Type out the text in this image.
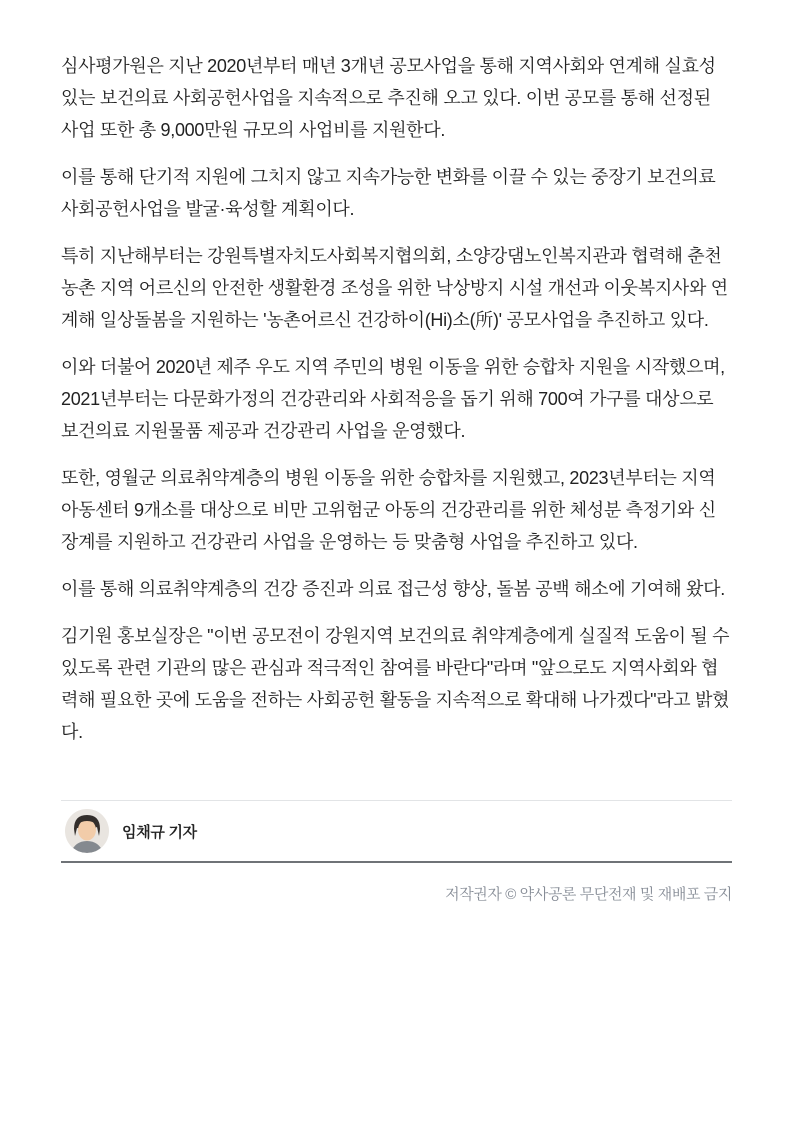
심사평가원은 지난 2020년부터 매년 3개년 공모사업을 통해 지역사회와 연계해 실효성 있는 보건의료 사회공헌사업을 지속적으로 추진해 오고 있다. 이번 공모를 통해 선정된 사업 또한 총 9,000만원 규모의 사업비를 지원한다.

이를 통해 단기적 지원에 그치지 않고 지속가능한 변화를 이끌 수 있는 중장기 보건의료 사회공헌사업을 발굴·육성할 계획이다.

특히 지난해부터는 강원특별자치도사회복지협의회, 소양강댐노인복지관과 협력해 춘천 농촌 지역 어르신의 안전한 생활환경 조성을 위한 낙상방지 시설 개선과 이웃복지사와 연계해 일상돌봄을 지원하는 '농촌어르신 건강하이(Hi)소(所)' 공모사업을 추진하고 있다.

이와 더불어 2020년 제주 우도 지역 주민의 병원 이동을 위한 승합차 지원을 시작했으며, 2021년부터는 다문화가정의 건강관리와 사회적응을 돕기 위해 700여 가구를 대상으로 보건의료 지원물품 제공과 건강관리 사업을 운영했다.

또한, 영월군 의료취약계층의 병원 이동을 위한 승합차를 지원했고, 2023년부터는 지역아동센터 9개소를 대상으로 비만 고위험군 아동의 건강관리를 위한 체성분 측정기와 신장계를 지원하고 건강관리 사업을 운영하는 등 맞춤형 사업을 추진하고 있다.

이를 통해 의료취약계층의 건강 증진과 의료 접근성 향상, 돌봄 공백 해소에 기여해 왔다.

김기원 홍보실장은 "이번 공모전이 강원지역 보건의료 취약계층에게 실질적 도움이 될 수 있도록 관련 기관의 많은 관심과 적극적인 참여를 바란다"라며 "앞으로도 지역사회와 협력해 필요한 곳에 도움을 전하는 사회공헌 활동을 지속적으로 확대해 나가겠다"라고 밝혔다.

임채규 기자
저작권자 © 약사공론 무단전재 및 재배포 금지
